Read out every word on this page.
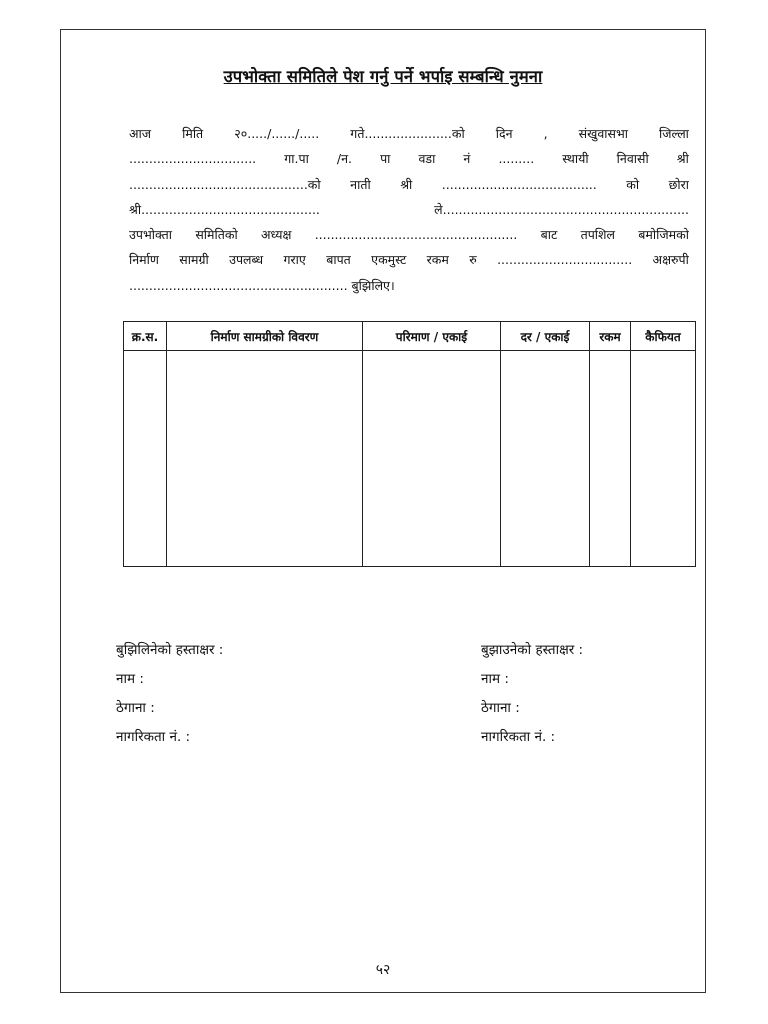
उपभोक्ता समितिले पेश गर्नु पर्ने भर्पाइ सम्बन्धि नुमना
आज मिति २०...../....../..... गते......................को दिन , संखुवासभा जिल्ला
................................ गा.पा /न. पा वडा नं ......... स्थायी निवासी श्री
.............................................को नाती श्री ....................................... को छोरा
श्री.............................................	ले..............................................................
उपभोक्ता समितिको अध्यक्ष ................................................... बाट तपशिल बमोजिमको
निर्माण सामग्री उपलब्ध गराए बापत एकमुस्ट रकम रु .................................. अक्षरुपी
....................................................... बुझिलिए।
क्र.स.	निर्माण सामग्रीको विवरण	परिमाण / एकाई	दर / एकाई	रकम	कैफियत

बुझिलिनेको हस्ताक्षर :
नाम :
ठेगाना :
नागरिकता नं. :
बुझाउनेको हस्ताक्षर :
नाम :
ठेगाना :
नागरिकता नं. :
५२
